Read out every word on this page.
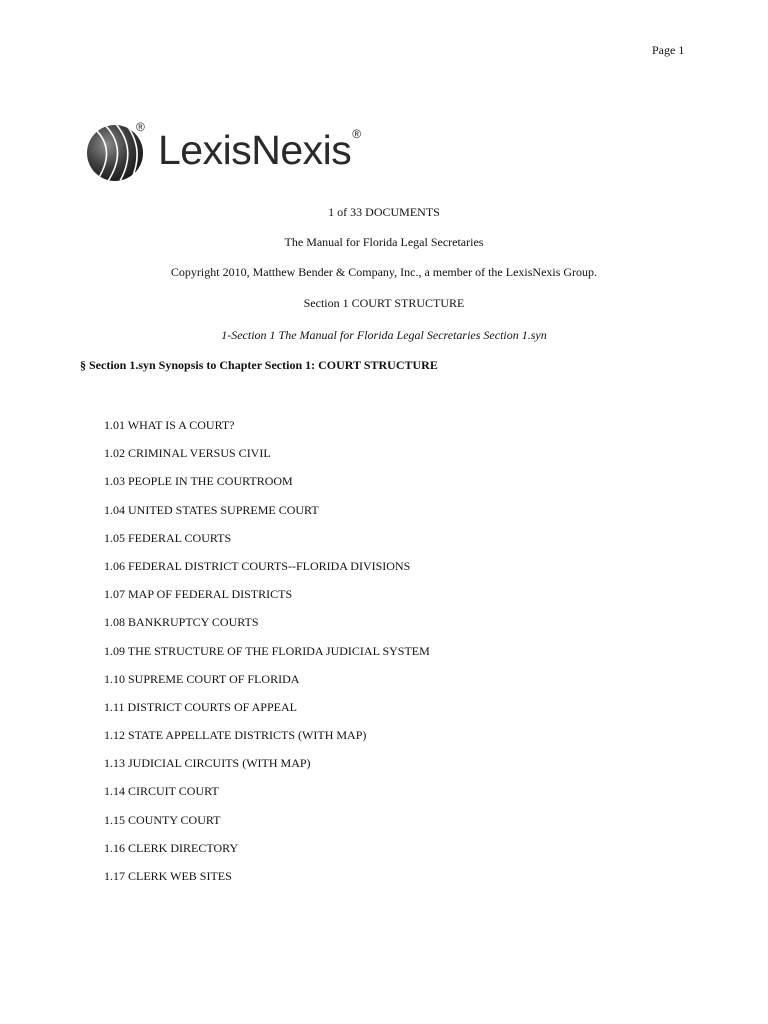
Page 1
® LexisNexis®
1 of 33 DOCUMENTS
The Manual for Florida Legal Secretaries
Copyright 2010, Matthew Bender & Company, Inc., a member of the LexisNexis Group.
Section 1 COURT STRUCTURE
1-Section 1 The Manual for Florida Legal Secretaries Section 1.syn
§ Section 1.syn Synopsis to Chapter Section 1: COURT STRUCTURE
1.01 WHAT IS A COURT?
1.02 CRIMINAL VERSUS CIVIL
1.03 PEOPLE IN THE COURTROOM
1.04 UNITED STATES SUPREME COURT
1.05 FEDERAL COURTS
1.06 FEDERAL DISTRICT COURTS--FLORIDA DIVISIONS
1.07 MAP OF FEDERAL DISTRICTS
1.08 BANKRUPTCY COURTS
1.09 THE STRUCTURE OF THE FLORIDA JUDICIAL SYSTEM
1.10 SUPREME COURT OF FLORIDA
1.11 DISTRICT COURTS OF APPEAL
1.12 STATE APPELLATE DISTRICTS (WITH MAP)
1.13 JUDICIAL CIRCUITS (WITH MAP)
1.14 CIRCUIT COURT
1.15 COUNTY COURT
1.16 CLERK DIRECTORY
1.17 CLERK WEB SITES
